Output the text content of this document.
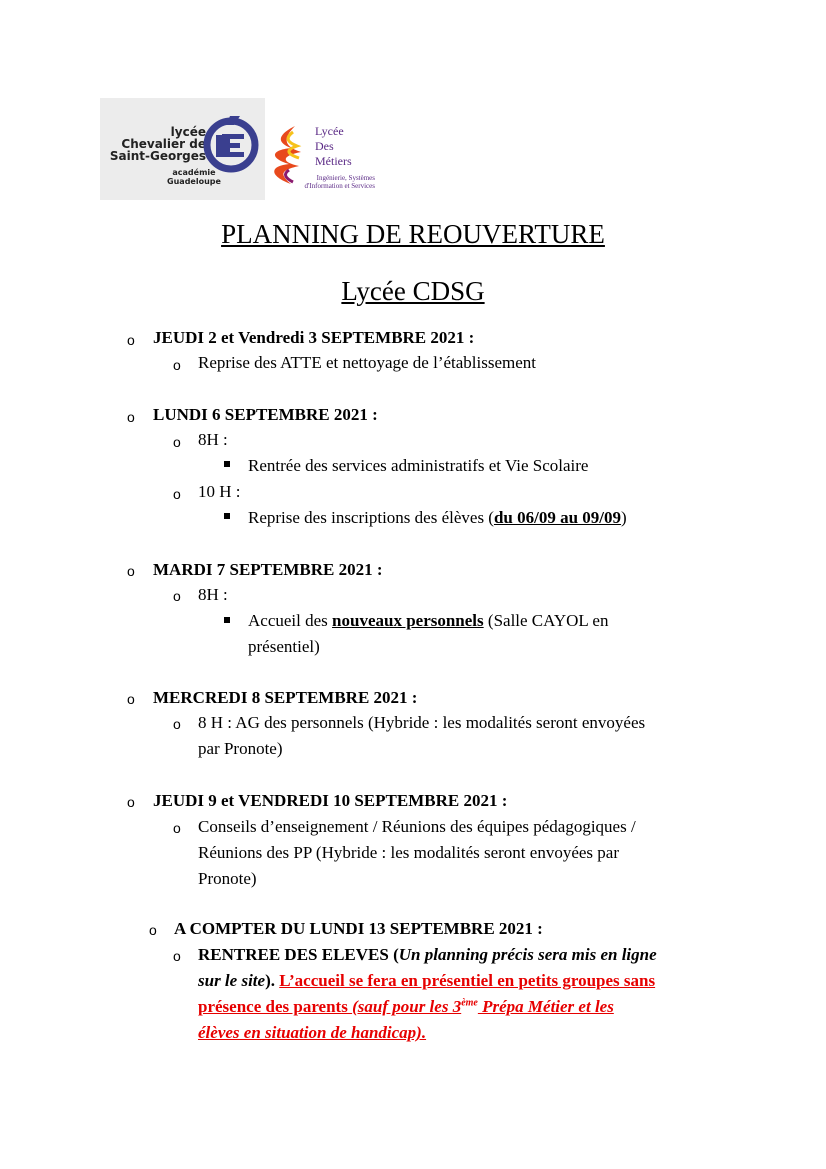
lycée
Chevalier de
Saint-Georges
académie
Guadeloupe
Lycée
Des
Métiers
Ingénierie, Systèmes
d'Information et Services
PLANNING DE REOUVERTURE
Lycée CDSG
o JEUDI 2 et Vendredi 3 SEPTEMBRE 2021 :
o Reprise des ATTE et nettoyage de l’établissement
o LUNDI 6 SEPTEMBRE 2021 :
o 8H :
Rentrée des services administratifs et Vie Scolaire
o 10 H :
Reprise des inscriptions des élèves (du 06/09 au 09/09)
o MARDI 7 SEPTEMBRE 2021 :
o 8H :
Accueil des nouveaux personnels (Salle CAYOL en
présentiel)
o MERCREDI 8 SEPTEMBRE 2021 :
o 8 H : AG des personnels (Hybride : les modalités seront envoyées
par Pronote)
o JEUDI 9 et VENDREDI 10 SEPTEMBRE 2021 :
o Conseils d’enseignement / Réunions des équipes pédagogiques /
Réunions des PP (Hybride : les modalités seront envoyées par
Pronote)
o A COMPTER DU LUNDI 13 SEPTEMBRE 2021 :
o RENTREE DES ELEVES (Un planning précis sera mis en ligne
sur le site). L’accueil se fera en présentiel en petits groupes sans
présence des parents (sauf pour les 3ème Prépa Métier et les
élèves en situation de handicap).
